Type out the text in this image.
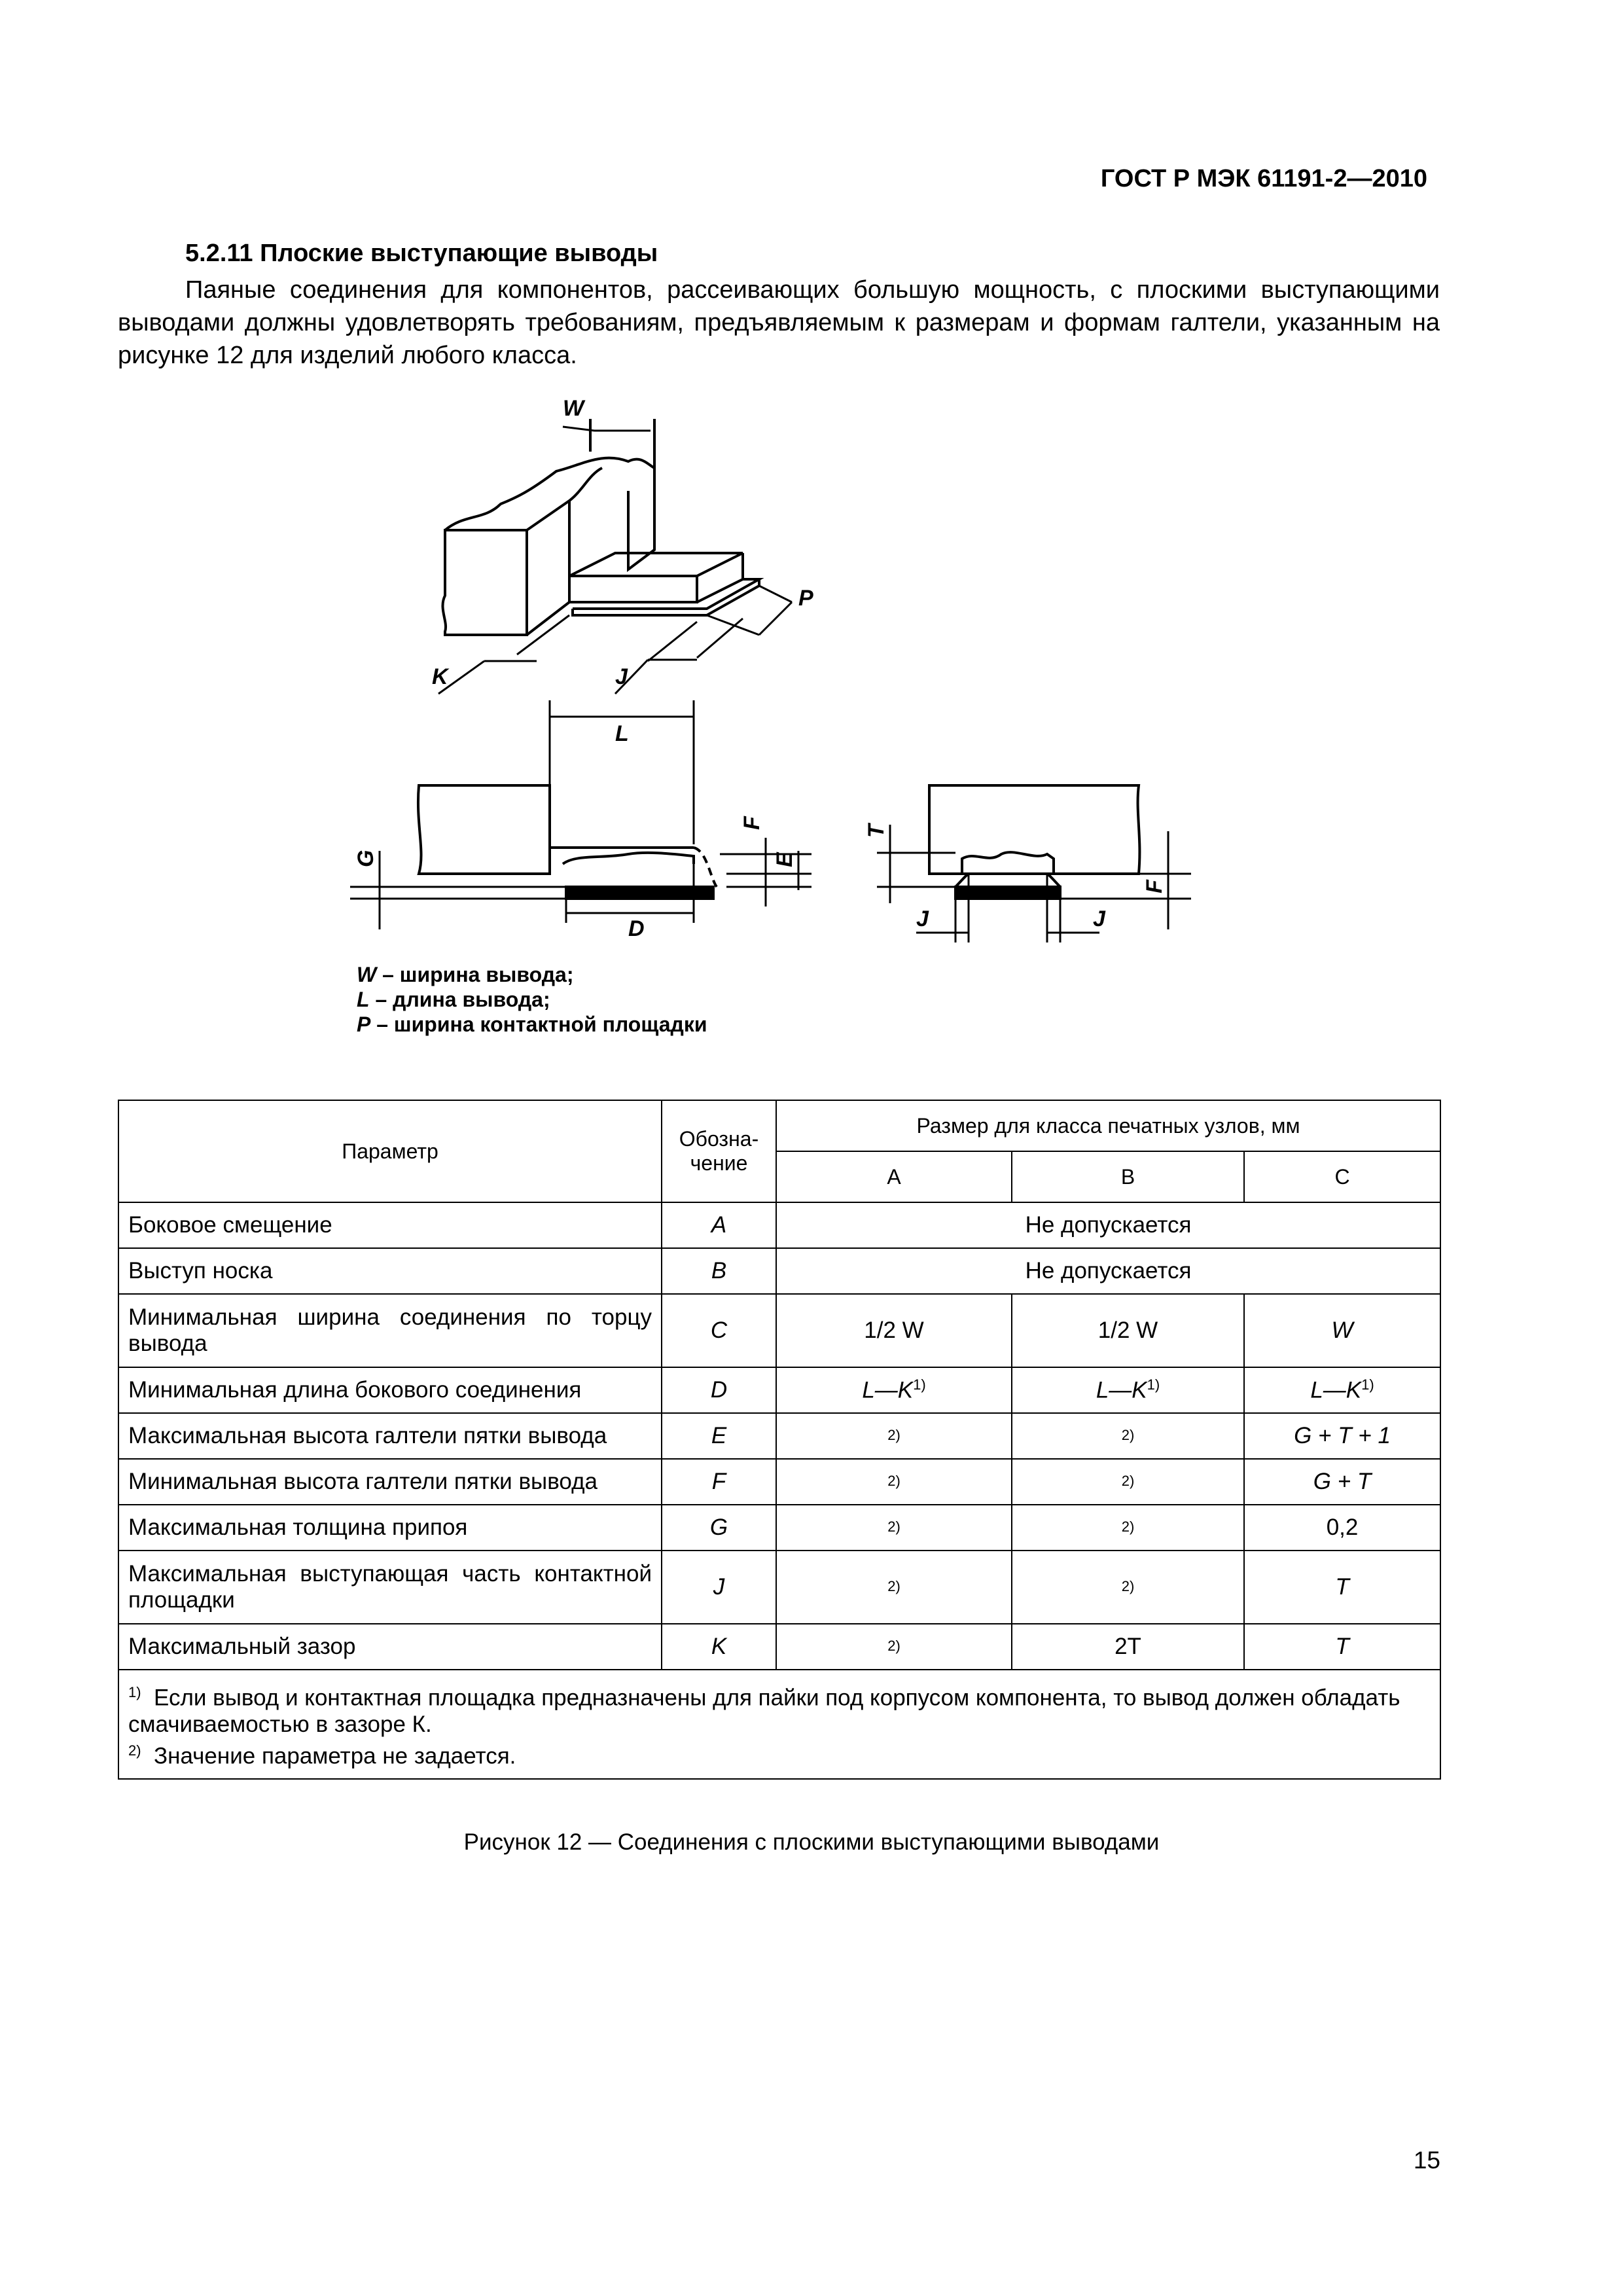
ГОСТ Р МЭК 61191-2—2010
5.2.11 Плоские выступающие выводы
Паяные соединения для компонентов, рассеивающих большую мощность, с плоскими выступающими выводами должны удовлетворять требованиям, предъявляемым к размерам и формам галтели, указанным на рисунке 12 для изделий любого класса.
W
P
K	J
L
D
G
F
E
T
F
J	J
W – ширина вывода;
L – длина вывода;
P – ширина контактной площадки
Параметр	Обозна-чение	Размер для класса печатных узлов, мм		
		A	B	C
Боковое смещение	A	Не допускается		
Выступ носка	B	Не допускается		
Минимальная ширина соединения по торцу вывода	C	1/2 W	1/2 W	W
Минимальная длина бокового соединения	D	$L—K^{1)}$	$L—K^{1)}$	$L—K^{1)}$
Максимальная высота галтели пятки вывода	E	$^{2)}$	$^{2)}$	G + T + 1
Минимальная высота галтели пятки вывода	F	$^{2)}$	$^{2)}$	G + T
Максимальная толщина припоя	G	$^{2)}$	$^{2)}$	0,2
Максимальная выступающая часть контактной площадки	J	$^{2)}$	$^{2)}$	T
Максимальный зазор	K	$^{2)}$	2T	T

$^{1)}$ Если вывод и контактная площадка предназначены для пайки под корпусом компонента, то вывод должен обладать смачиваемостью в зазоре К.
$^{2)}$ Значение параметра не задается.				
Рисунок 12 — Соединения с плоскими выступающими выводами
15
